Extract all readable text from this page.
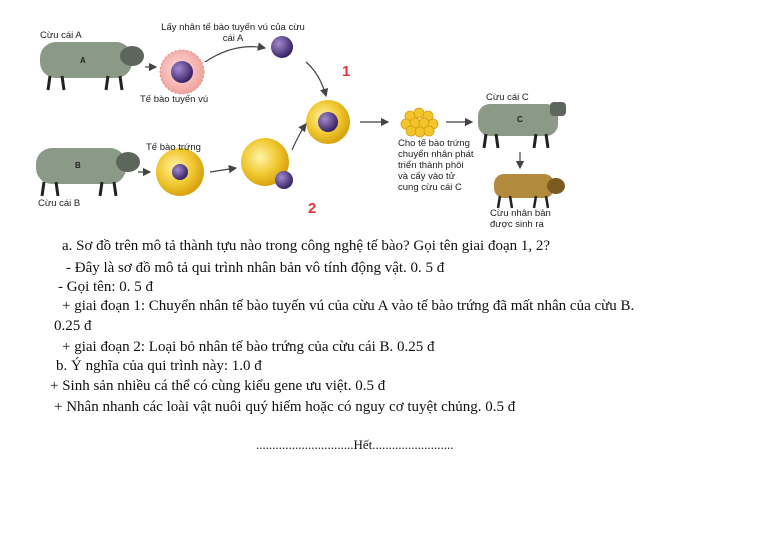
Cừu cái A
A
Lấy nhân tế bào tuyến vú của cừu cái A
Tế bào tuyến vú
1
Tế bào trứng
B
Cừu cái B	2
Cho tế bào trứng chuyển nhân phát triển thành phôi và cấy vào tử cung cừu cái C
Cừu cái C
C
Cừu nhân bản được sinh ra
a. Sơ đồ trên mô tả thành tựu nào trong công nghệ tế bào? Gọi tên giai đoạn 1, 2?
- Đây là sơ đồ mô tả qui trình nhân bản vô tính động vật. 0. 5 đ
- Gọi tên: 0. 5 đ
+ giai đoạn 1: Chuyển nhân tế bào tuyến vú của cừu A vào tế bào trứng đã mất nhân của cừu B.
0.25 đ
+ giai đoạn 2: Loại bỏ nhân tế bào trứng của cừu cái B. 0.25 đ
b. Ý nghĩa của qui trình này: 1.0 đ
+ Sinh sản nhiều cá thể có cùng kiểu gene ưu việt. 0.5 đ
+ Nhân nhanh các loài vật nuôi quý hiếm hoặc có nguy cơ tuyệt chủng. 0.5 đ
..............................Hết.........................
